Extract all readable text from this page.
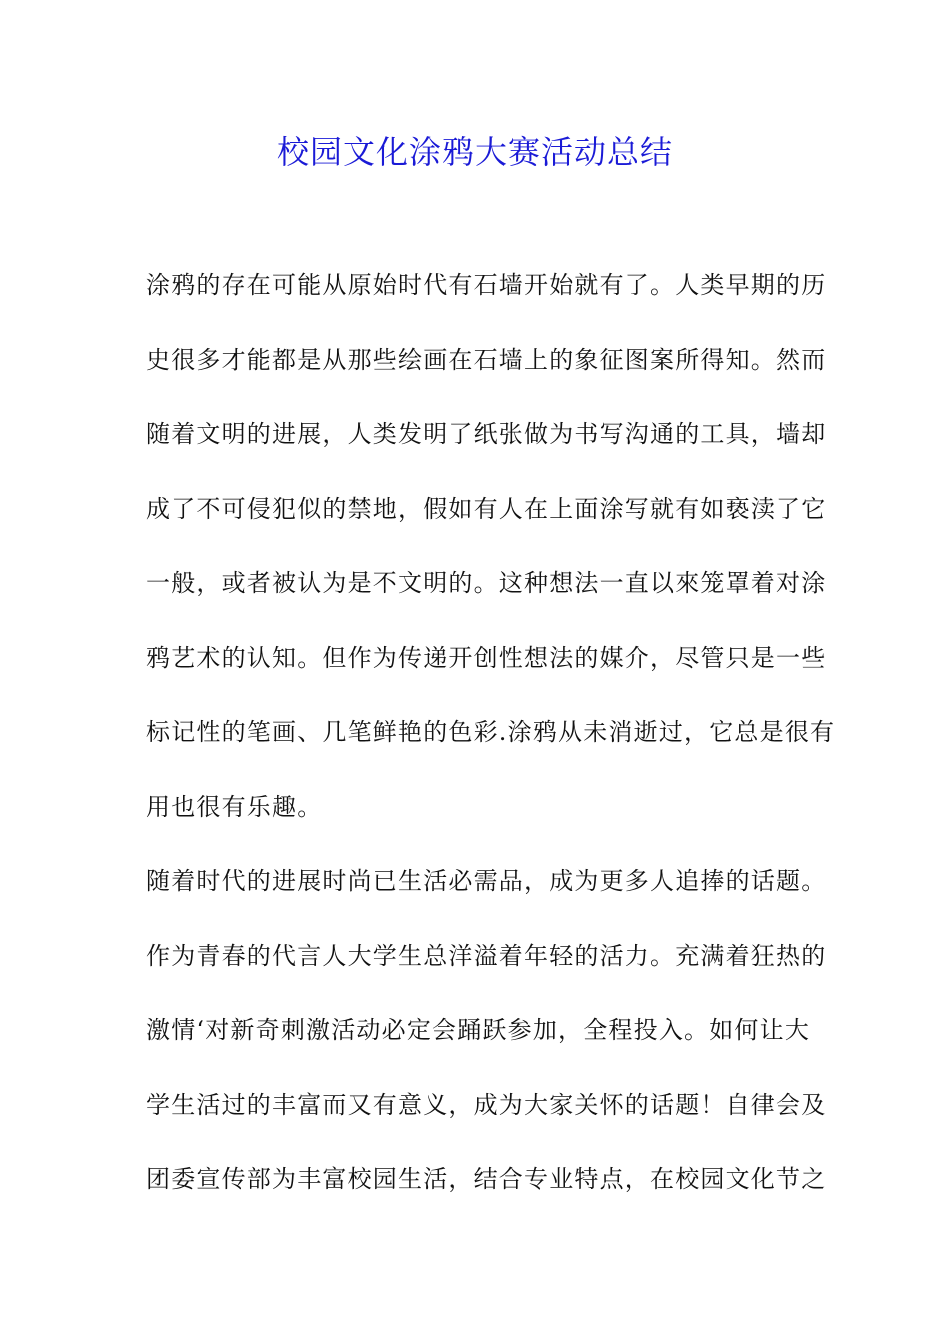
校园文化涂鸦大赛活动总结
涂鸦的存在可能从原始时代有石墙开始就有了。人类早期的历
史很多才能都是从那些绘画在石墙上的象征图案所得知。然而
随着文明的进展，人类发明了纸张做为书写沟通的工具，墙却
成了不可侵犯似的禁地，假如有人在上面涂写就有如亵渎了它
一般，或者被认为是不文明的。这种想法一直以來笼罩着对涂
鸦艺术的认知。但作为传递开创性想法的媒介，尽管只是一些
标记性的笔画、几笔鲜艳的色彩.涂鸦从未消逝过，它总是很有
用也很有乐趣。
随着时代的进展时尚已生活必需品，成为更多人追捧的话题。
作为青春的代言人大学生总洋溢着年轻的活力。充满着狂热的
激情‘对新奇刺激活动必定会踊跃参加，全程投入。如何让大
学生活过的丰富而又有意义，成为大家关怀的话题！自律会及
团委宣传部为丰富校园生活，结合专业特点，在校园文化节之
